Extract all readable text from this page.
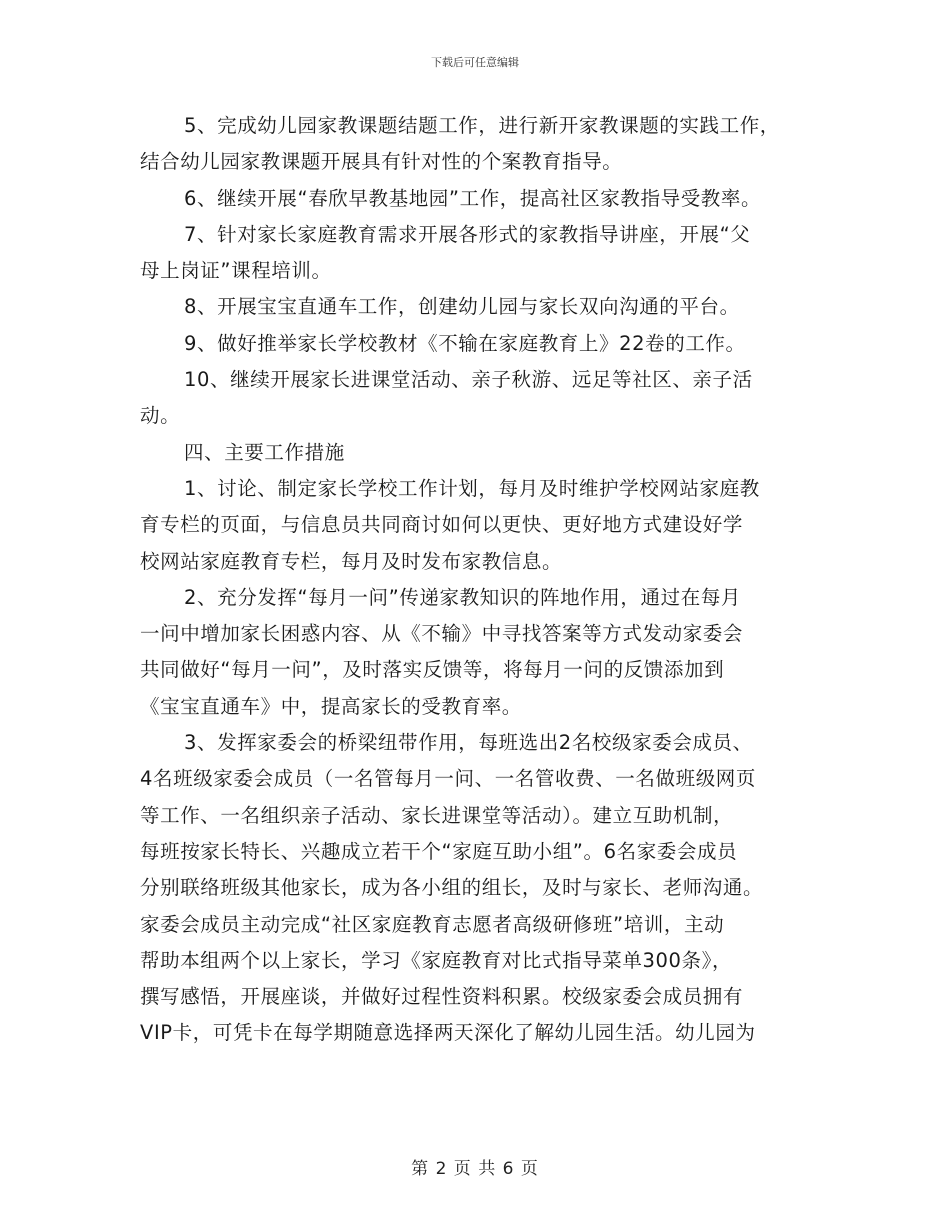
下载后可任意编辑
5、完成幼儿园家教课题结题工作，进行新开家教课题的实践工作，
结合幼儿园家教课题开展具有针对性的个案教育指导。
6、继续开展“春欣早教基地园”工作，提高社区家教指导受教率。
7、针对家长家庭教育需求开展各形式的家教指导讲座，开展“父
母上岗证”课程培训。
8、开展宝宝直通车工作，创建幼儿园与家长双向沟通的平台。
9、做好推举家长学校教材《不输在家庭教育上》22卷的工作。
10、继续开展家长进课堂活动、亲子秋游、远足等社区、亲子活
动。
四、主要工作措施
1、讨论、制定家长学校工作计划，每月及时维护学校网站家庭教
育专栏的页面，与信息员共同商讨如何以更快、更好地方式建设好学
校网站家庭教育专栏，每月及时发布家教信息。
2、充分发挥“每月一问”传递家教知识的阵地作用，通过在每月
一问中增加家长困惑内容、从《不输》中寻找答案等方式发动家委会
共同做好“每月一问”，及时落实反馈等，将每月一问的反馈添加到
《宝宝直通车》中，提高家长的受教育率。
3、发挥家委会的桥梁纽带作用，每班选出2名校级家委会成员、
4名班级家委会成员（一名管每月一问、一名管收费、一名做班级网页
等工作、一名组织亲子活动、家长进课堂等活动）。建立互助机制，
每班按家长特长、兴趣成立若干个“家庭互助小组”。6名家委会成员
分别联络班级其他家长，成为各小组的组长，及时与家长、老师沟通。
家委会成员主动完成“社区家庭教育志愿者高级研修班”培训，主动
帮助本组两个以上家长，学习《家庭教育对比式指导菜单300条》，
撰写感悟，开展座谈，并做好过程性资料积累。校级家委会成员拥有
VIP卡，可凭卡在每学期随意选择两天深化了解幼儿园生活。幼儿园为
第 2 页 共 6 页
